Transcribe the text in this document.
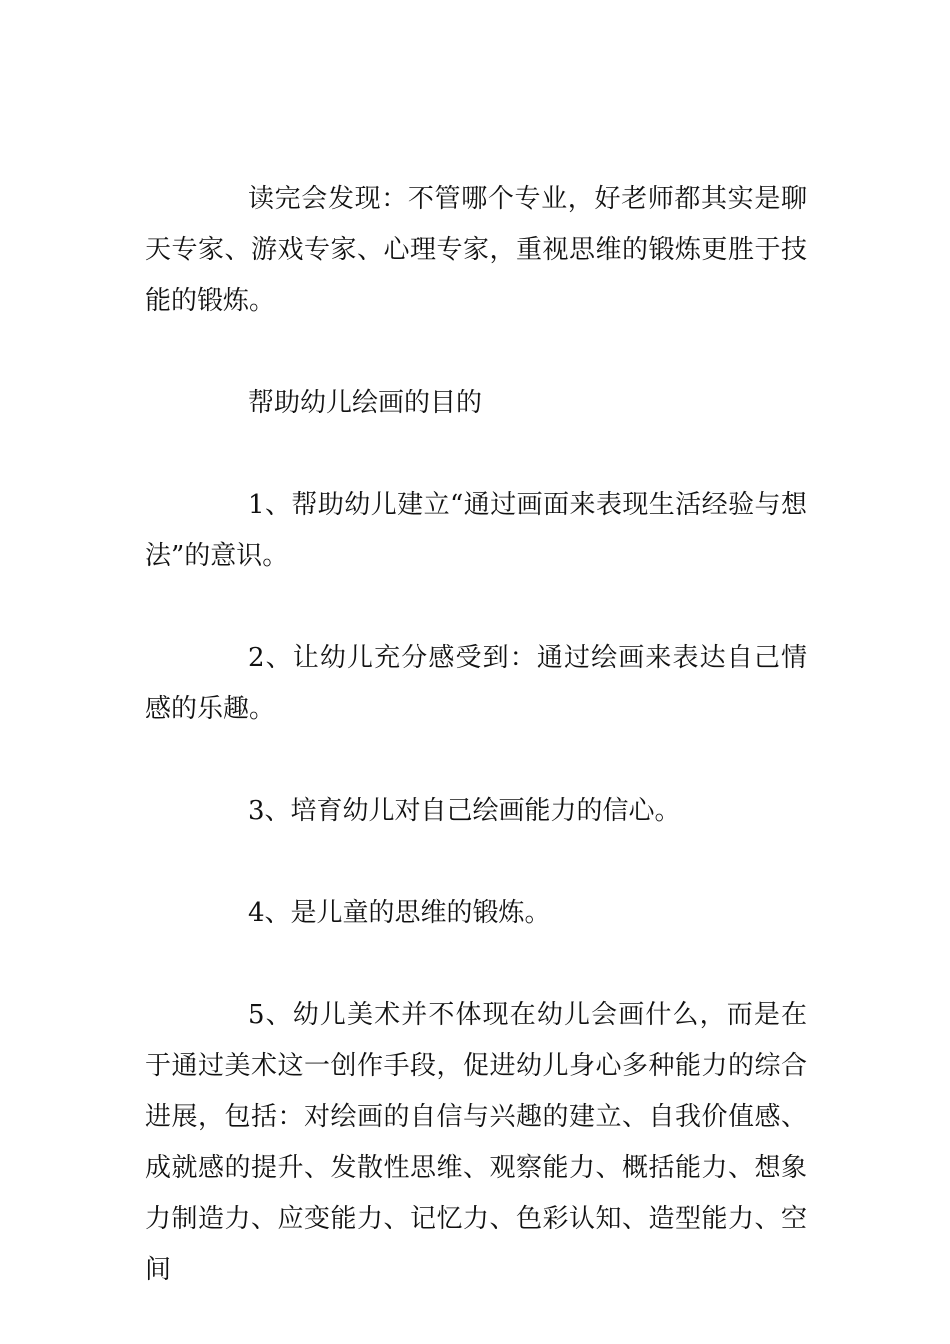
读完会发现：不管哪个专业，好老师都其实是聊天专家、游戏专家、心理专家，重视思维的锻炼更胜于技能的锻炼。

帮助幼儿绘画的目的

1、帮助幼儿建立“通过画面来表现生活经验与想法”的意识。

2、让幼儿充分感受到：通过绘画来表达自己情感的乐趣。

3、培育幼儿对自己绘画能力的信心。

4、是儿童的思维的锻炼。

5、幼儿美术并不体现在幼儿会画什么，而是在于通过美术这一创作手段，促进幼儿身心多种能力的综合进展，包括：对绘画的自信与兴趣的建立、自我价值感、成就感的提升、发散性思维、观察能力、概括能力、想象力制造力、应变能力、记忆力、色彩认知、造型能力、空间
